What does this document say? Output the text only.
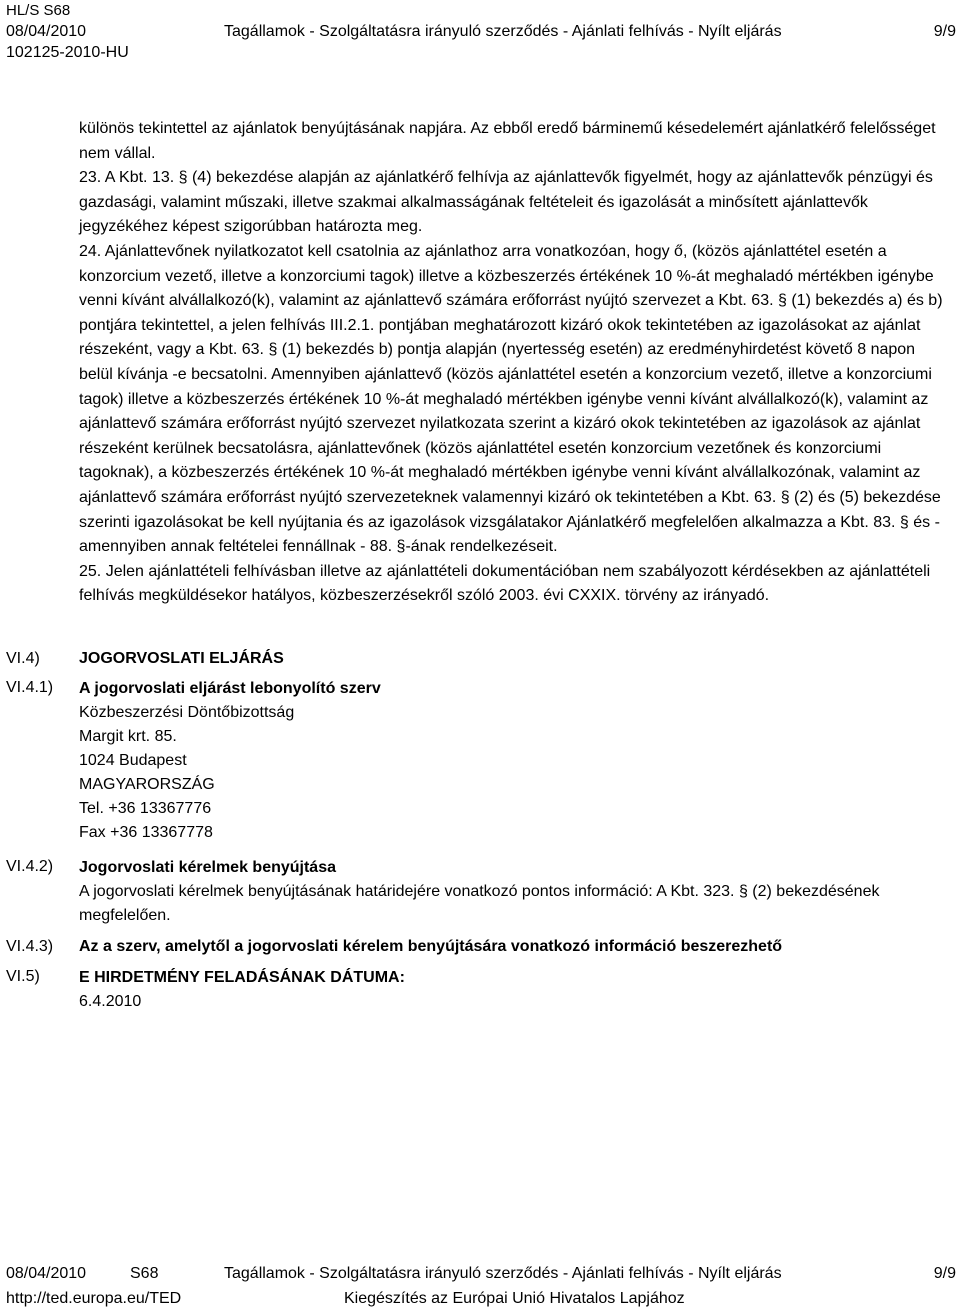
HL/S S68
08/04/2010	Tagállamok - Szolgáltatásra irányuló szerződés - Ajánlati felhívás - Nyílt eljárás	9/9
102125-2010-HU

különös tekintettel az ajánlatok benyújtásának napjára. Az ebből eredő bárminemű késedelemért ajánlatkérő felelősséget nem vállal.

23. A Kbt. 13. § (4) bekezdése alapján az ajánlatkérő felhívja az ajánlattevők figyelmét, hogy az ajánlattevők pénzügyi és gazdasági, valamint műszaki, illetve szakmai alkalmasságának feltételeit és igazolását a minősített ajánlattevők jegyzékéhez képest szigorúbban határozta meg.

24. Ajánlattevőnek nyilatkozatot kell csatolnia az ajánlathoz arra vonatkozóan, hogy ő, (közös ajánlattétel esetén a konzorcium vezető, illetve a konzorciumi tagok) illetve a közbeszerzés értékének 10 %-át meghaladó mértékben igénybe venni kívánt alvállalkozó(k), valamint az ajánlattevő számára erőforrást nyújtó szervezet a Kbt. 63. § (1) bekezdés a) és b) pontjára tekintettel, a jelen felhívás III.2.1. pontjában meghatározott kizáró okok tekintetében az igazolásokat az ajánlat részeként, vagy a Kbt. 63. § (1) bekezdés b) pontja alapján (nyertesség esetén) az eredményhirdetést követő 8 napon belül kívánja -e becsatolni. Amennyiben ajánlattevő (közös ajánlattétel esetén a konzorcium vezető, illetve a konzorciumi tagok) illetve a közbeszerzés értékének 10 %-át meghaladó mértékben igénybe venni kívánt alvállalkozó(k), valamint az ajánlattevő számára erőforrást nyújtó szervezet nyilatkozata szerint a kizáró okok tekintetében az igazolások az ajánlat részeként kerülnek becsatolásra, ajánlattevőnek (közös ajánlattétel esetén konzorcium vezetőnek és konzorciumi tagoknak), a közbeszerzés értékének 10 %-át meghaladó mértékben igénybe venni kívánt alvállalkozónak, valamint az ajánlattevő számára erőforrást nyújtó szervezeteknek valamennyi kizáró ok tekintetében a Kbt. 63. § (2) és (5) bekezdése szerinti igazolásokat be kell nyújtania és az igazolások vizsgálatakor Ajánlatkérő megfelelően alkalmazza a Kbt. 83. § és - amennyiben annak feltételei fennállnak - 88. §-ának rendelkezéseit.

25. Jelen ajánlattételi felhívásban illetve az ajánlattételi dokumentációban nem szabályozott kérdésekben az ajánlattételi felhívás megküldésekor hatályos, közbeszerzésekről szóló 2003. évi CXXIX. törvény az irányadó.

VI.4) JOGORVOSLATI ELJÁRÁS
VI.4.1) A jogorvoslati eljárást lebonyolító szerv
Közbeszerzési Döntőbizottság
Margit krt. 85.
1024 Budapest
MAGYARORSZÁG
Tel. +36 13367776
Fax +36 13367778
VI.4.2) Jogorvoslati kérelmek benyújtása
A jogorvoslati kérelmek benyújtásának határidejére vonatkozó pontos információ: A Kbt. 323. § (2) bekezdésének megfelelően.
VI.4.3) Az a szerv, amelytől a jogorvoslati kérelem benyújtására vonatkozó információ beszerezhető
VI.5) E HIRDETMÉNY FELADÁSÁNAK DÁTUMA:
6.4.2010
08/04/2010	S68	Tagállamok - Szolgáltatásra irányuló szerződés - Ajánlati felhívás - Nyílt eljárás	9/9
http://ted.europa.eu/TED	Kiegészítés az Európai Unió Hivatalos Lapjához
